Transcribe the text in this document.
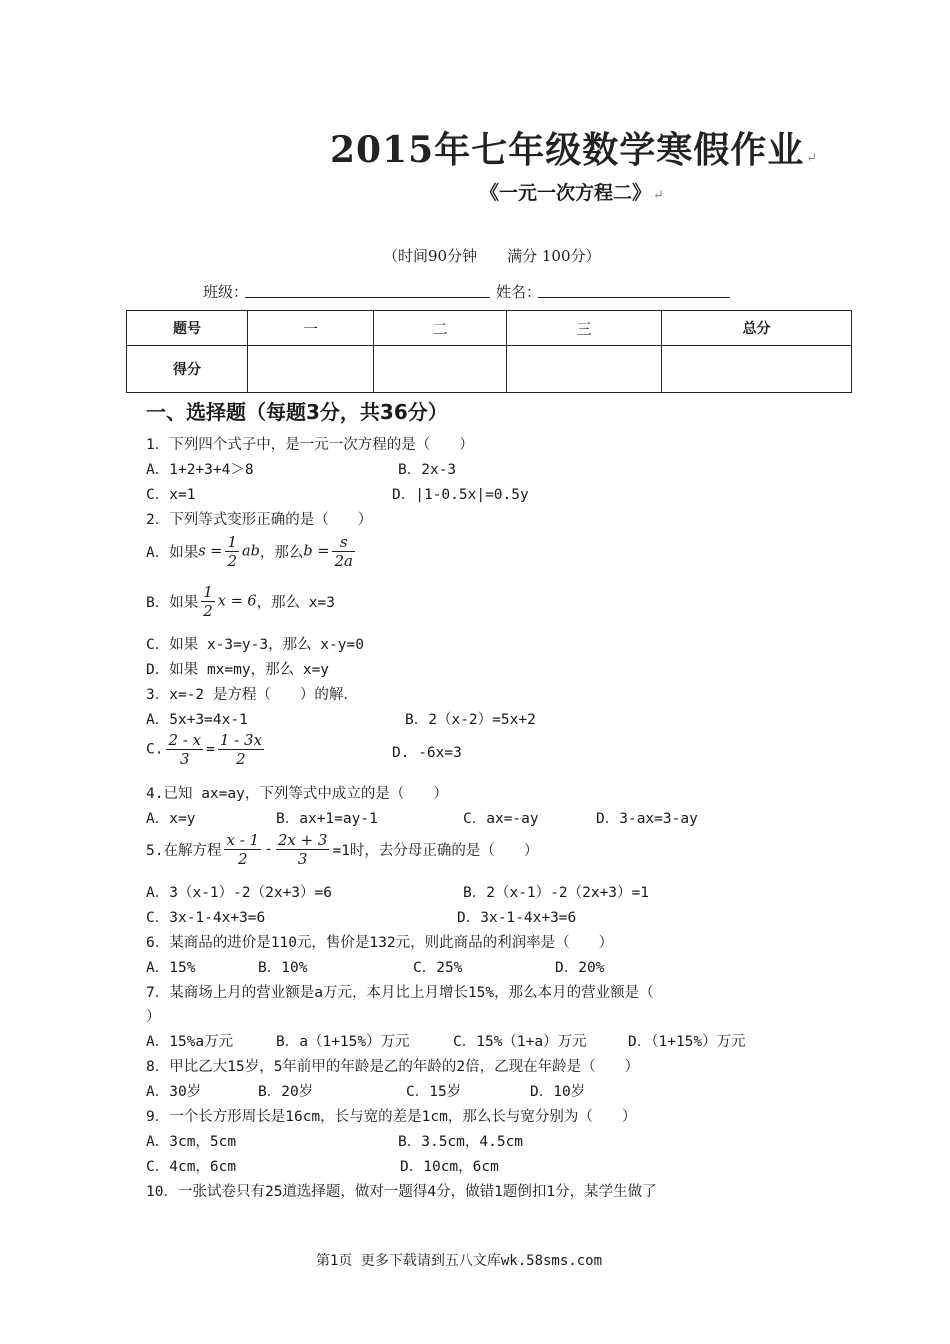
2015年七年级数学寒假作业 ↵
《一元一次方程二》 ↵
（时间90分钟　　满分 100分）
班级：	姓名：
题号	一	二	三	总分
得分				
一、选择题（每题3分，共36分）
1．下列四个式子中，是一元一次方程的是（　　）
A．1+2+3+4＞8	B．2x-3
C．x=1	D．|1-0.5x|=0.5y
2．下列等式变形正确的是（　　）
A．如果$s = \frac{1}{2}$ ab，那么$b = \frac{s}{2a}$
B．如果 $\frac{1}{2}$ x = 6，那么 x=3
C．如果 x-3=y-3，那么 x-y=0
D．如果 mx=my，那么 x=y
3．x=-2 是方程（　　）的解．
A．5x+3=4x-1	B．2（x-2）=5x+2
C. $\frac{2 - x}{3} = \frac{1 - 3x}{2}$	D. -6x=3
4.已知 ax=ay，下列等式中成立的是（　　）
A．x=y	B．ax+1=ay-1	C．ax=-ay	D．3-ax=3-ay
5.在解方程 $\frac{x - 1}{2} - \frac{2x + 3}{3} =1$时，去分母正确的是（　　）
A．3（x-1）-2（2x+3）=6	B．2（x-1）-2（2x+3）=1
C．3x-1-4x+3=6	D．3x-1-4x+3=6
6．某商品的进价是110元，售价是132元，则此商品的利润率是（　　）
A．15%	B．10%	C．25%	D．20%
7．某商场上月的营业额是a万元，本月比上月增长15%，那么本月的营业额是（
）
A．15%a万元	B．a（1+15%）万元	C．15%（1+a）万元	D．（1+15%）万元
8．甲比乙大15岁，5年前甲的年龄是乙的年龄的2倍，乙现在年龄是（　　）
A．30岁	B．20岁	C．15岁	D．10岁
9．一个长方形周长是16cm，长与宽的差是1cm，那么长与宽分别为（　　）
A．3cm，5cm	B．3.5cm，4.5cm
C．4cm，6cm	D．10cm，6cm
10．一张试卷只有25道选择题，做对一题得4分，做错1题倒扣1分，某学生做了
第1页 更多下载请到五八文库wk.58sms.com
